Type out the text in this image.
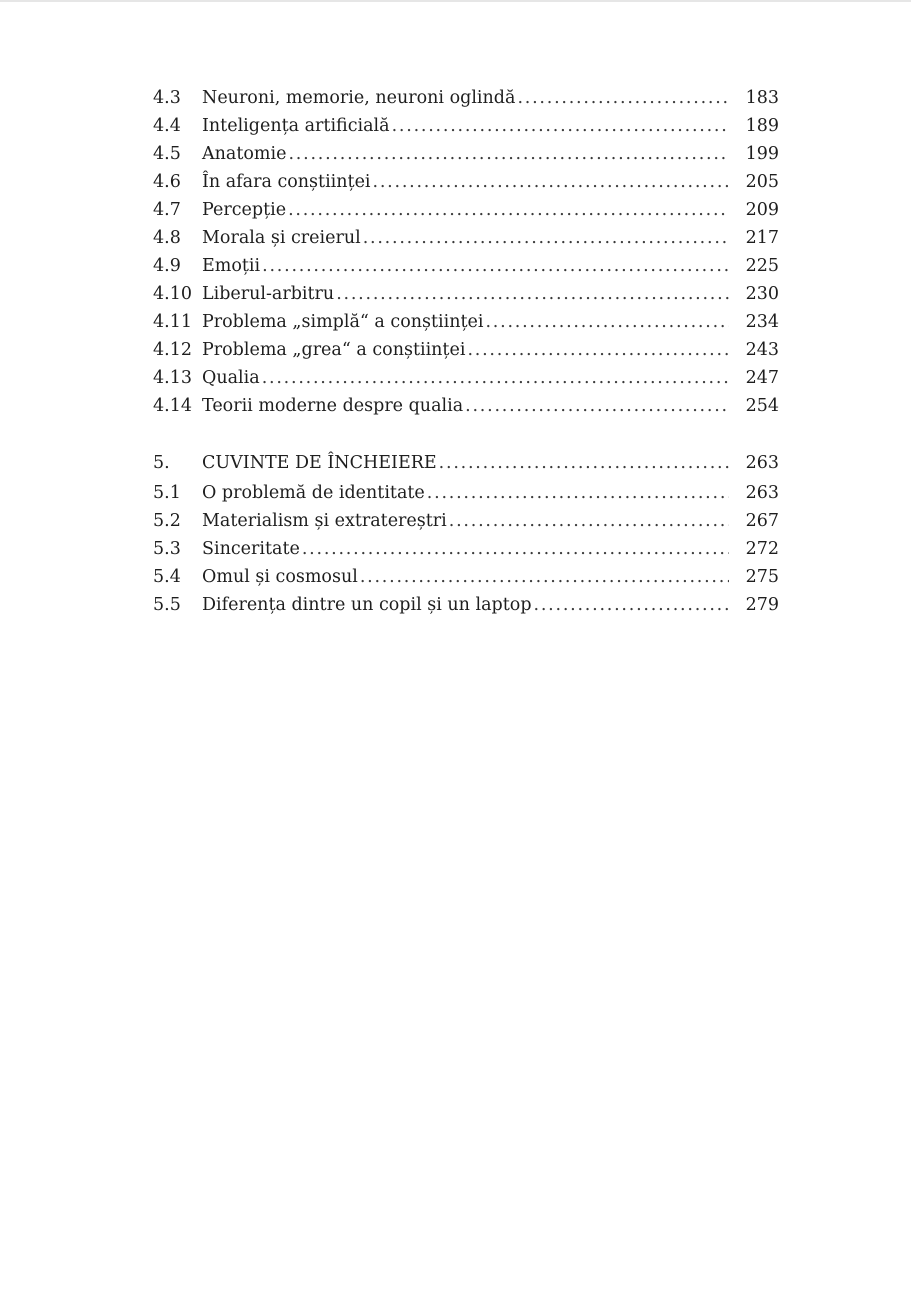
4.3	Neuroni, memorie, neuroni oglindă . . .	183
4.4	Inteligența artificială . . .	189
4.5	Anatomie . . .	199
4.6	În afara conștiinței . . .	205
4.7	Percepție . . .	209
4.8	Morala și creierul . . .	217
4.9	Emoții . . .	225
4.10 Liberul-arbitru . . .	230
4.11 Problema „simplă“ a conștiinței . . .	234
4.12 Problema „grea“ a conștiinței . . .	243
4.13 Qualia . . .	247
4.14 Teorii moderne despre qualia . . .	254
5.	CUVINTE DE ÎNCHEIERE . . .	263
5.1	O problemă de identitate . . .	263
5.2	Materialism și extratereștri . . .	267
5.3	Sinceritate . . .	272
5.4	Omul și cosmosul . . .	275
5.5	Diferența dintre un copil și un laptop . . .	279
